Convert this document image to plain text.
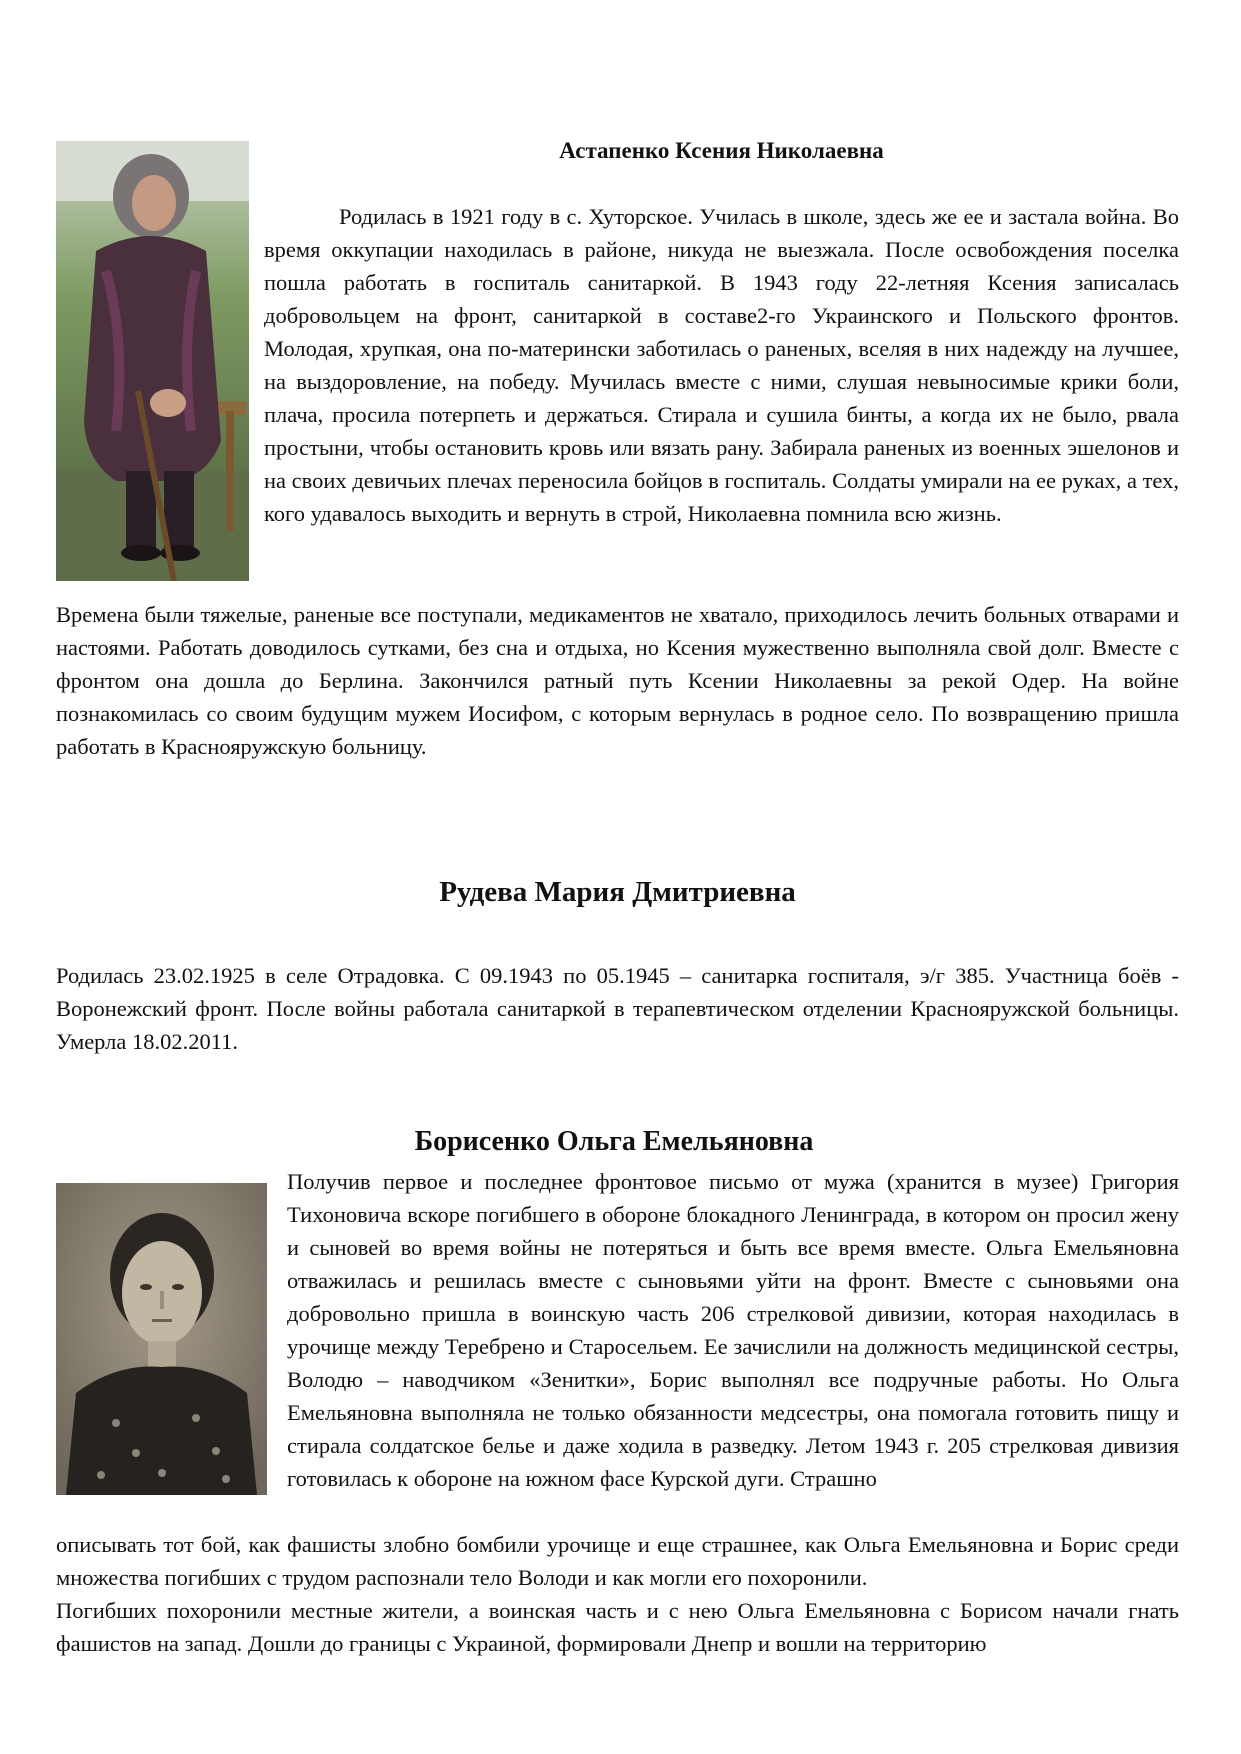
Астапенко Ксения Николаевна

Родилась в 1921 году в с. Хуторское. Училась в школе, здесь же ее и застала война. Во время оккупации находилась в районе, никуда не выезжала. После освобождения поселка пошла работать в госпиталь санитаркой. В 1943 году 22-летняя Ксения записалась добровольцем на фронт, санитаркой в составе2-го Украинского и Польского фронтов. Молодая, хрупкая, она по-матерински заботилась о раненых, вселяя в них надежду на лучшее, на выздоровление, на победу. Мучилась вместе с ними, слушая невыносимые крики боли, плача, просила потерпеть и держаться. Стирала и сушила бинты, а когда их не было, рвала простыни, чтобы остановить кровь или вязать рану. Забирала раненых из военных эшелонов и на своих девичьих плечах переносила бойцов в госпиталь. Солдаты умирали на ее руках, а тех, кого удавалось выходить и вернуть в строй, Николаевна помнила всю жизнь.

Времена были тяжелые, раненые все поступали, медикаментов не хватало, приходилось лечить больных отварами и настоями. Работать доводилось сутками, без сна и отдыха, но Ксения мужественно выполняла свой долг. Вместе с фронтом она дошла до Берлина. Закончился ратный путь Ксении Николаевны за рекой Одер. На войне познакомилась со своим будущим мужем Иосифом, с которым вернулась в родное село. По возвращению пришла работать в Краснояружскую больницу.

Рудева Мария Дмитриевна

Родилась 23.02.1925 в селе Отрадовка. С 09.1943 по 05.1945 – санитарка госпиталя, э/г 385. Участница боёв - Воронежский фронт. После войны работала санитаркой в терапевтическом отделении Краснояружской больницы. Умерла 18.02.2011.

Борисенко Ольга Емельяновна

Получив первое и последнее фронтовое письмо от мужа (хранится в музее) Григория Тихоновича вскоре погибшего в обороне блокадного Ленинграда, в котором он просил жену и сыновей во время войны не потеряться и быть все время вместе. Ольга Емельяновна отважилась и решилась вместе с сыновьями уйти на фронт. Вместе с сыновьями она добровольно пришла в воинскую часть 206 стрелковой дивизии, которая находилась в урочище между Теребрено и Старосельем. Ее зачислили на должность медицинской сестры, Володю – наводчиком «Зенитки», Борис выполнял все подручные работы. Но Ольга Емельяновна выполняла не только обязанности медсестры, она помогала готовить пищу и стирала солдатское белье и даже ходила в разведку. Летом 1943 г. 205 стрелковая дивизия готовилась к обороне на южном фасе Курской дуги. Страшно

описывать тот бой, как фашисты злобно бомбили урочище и еще страшнее, как Ольга Емельяновна и Борис среди множества погибших с трудом распознали тело Володи и как могли его похоронили.

Погибших похоронили местные жители, а воинская часть и с нею Ольга Емельяновна с Борисом начали гнать фашистов на запад. Дошли до границы с Украиной, формировали Днепр и вошли на территорию
